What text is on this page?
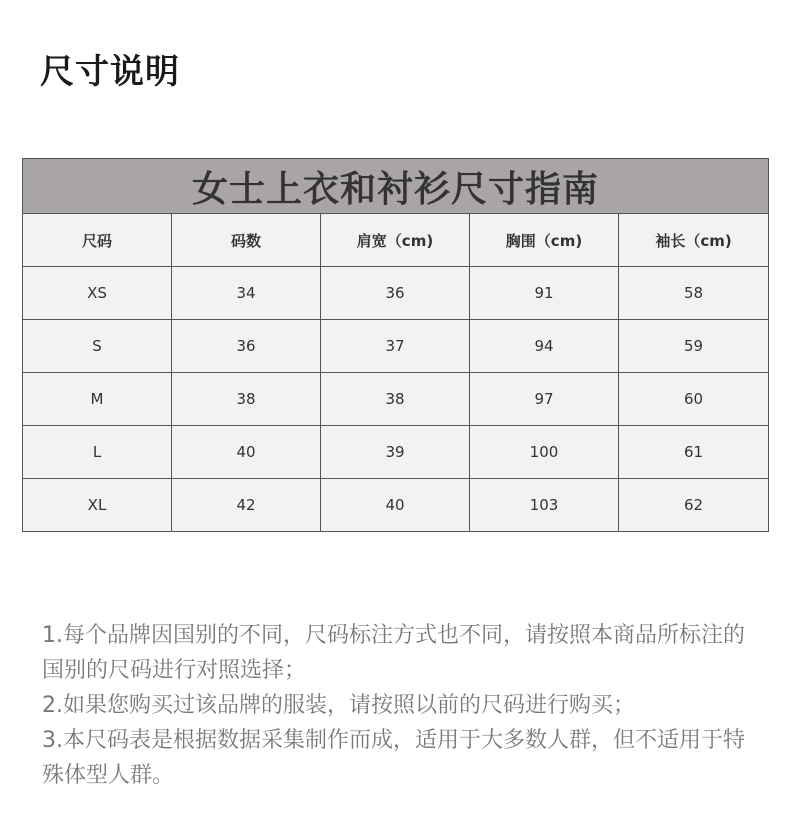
尺寸说明
女士上衣和衬衫尺寸指南				
尺码	码数	肩宽（cm)	胸围（cm)	袖长（cm)
XS	34	36	91	58
S	36	37	94	59
M	38	38	97	60
L	40	39	100	61
XL	42	40	103	62

1.每个品牌因国别的不同，尺码标注方式也不同，请按照本商品所标注的国别的尺码进行对照选择；

2.如果您购买过该品牌的服装，请按照以前的尺码进行购买；

3.本尺码表是根据数据采集制作而成，适用于大多数人群，但不适用于特殊体型人群。
